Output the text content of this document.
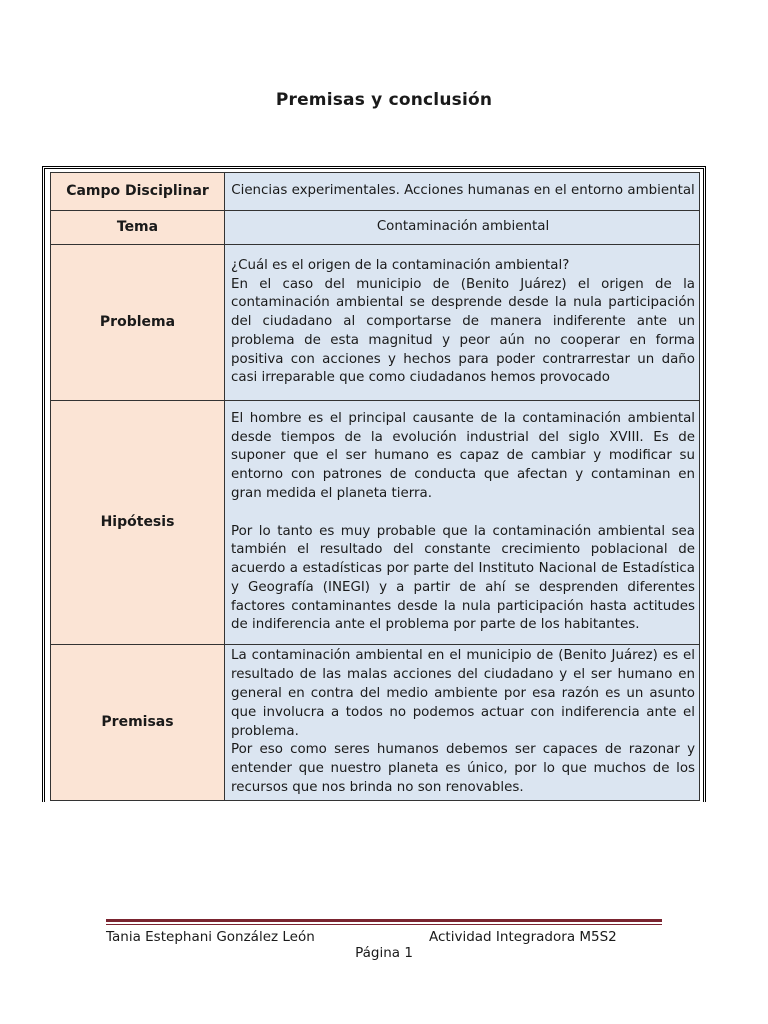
Premisas y conclusión
Campo Disciplinar	Ciencias experimentales. Acciones humanas en el entorno ambiental
Tema	Contaminación ambiental
Problema	¿Cuál es el origen de la contaminación ambiental?
En el caso del municipio de (Benito Juárez) el origen de la contaminación ambiental se desprende desde la nula participación del ciudadano al comportarse de manera indiferente ante un problema de esta magnitud y peor aún no cooperar en forma positiva con acciones y hechos para poder contrarrestar un daño casi irreparable que como ciudadanos hemos provocado
Hipótesis	El hombre es el principal causante de la contaminación ambiental desde tiempos de la evolución industrial del siglo XVIII. Es de suponer que el ser humano es capaz de cambiar y modificar su entorno con patrones de conducta que afectan y contaminan en gran medida el planeta tierra.
Por lo tanto es muy probable que la contaminación ambiental sea también el resultado del constante crecimiento poblacional de acuerdo a estadísticas por parte del Instituto Nacional de Estadística y Geografía (INEGI) y a partir de ahí se desprenden diferentes factores contaminantes desde la nula participación hasta actitudes de indiferencia ante el problema por parte de los habitantes.

Premisas	La contaminación ambiental en el municipio de (Benito Juárez) es el resultado de las malas acciones del ciudadano y el ser humano en general en contra del medio ambiente por esa razón es un asunto que involucra a todos no podemos actuar con indiferencia ante el problema.
Por eso como seres humanos debemos ser capaces de razonar y entender que nuestro planeta es único, por lo que muchos de los recursos que nos brinda no son renovables.
Tania Estephani González León	Actividad Integradora M5S2
Página 1
